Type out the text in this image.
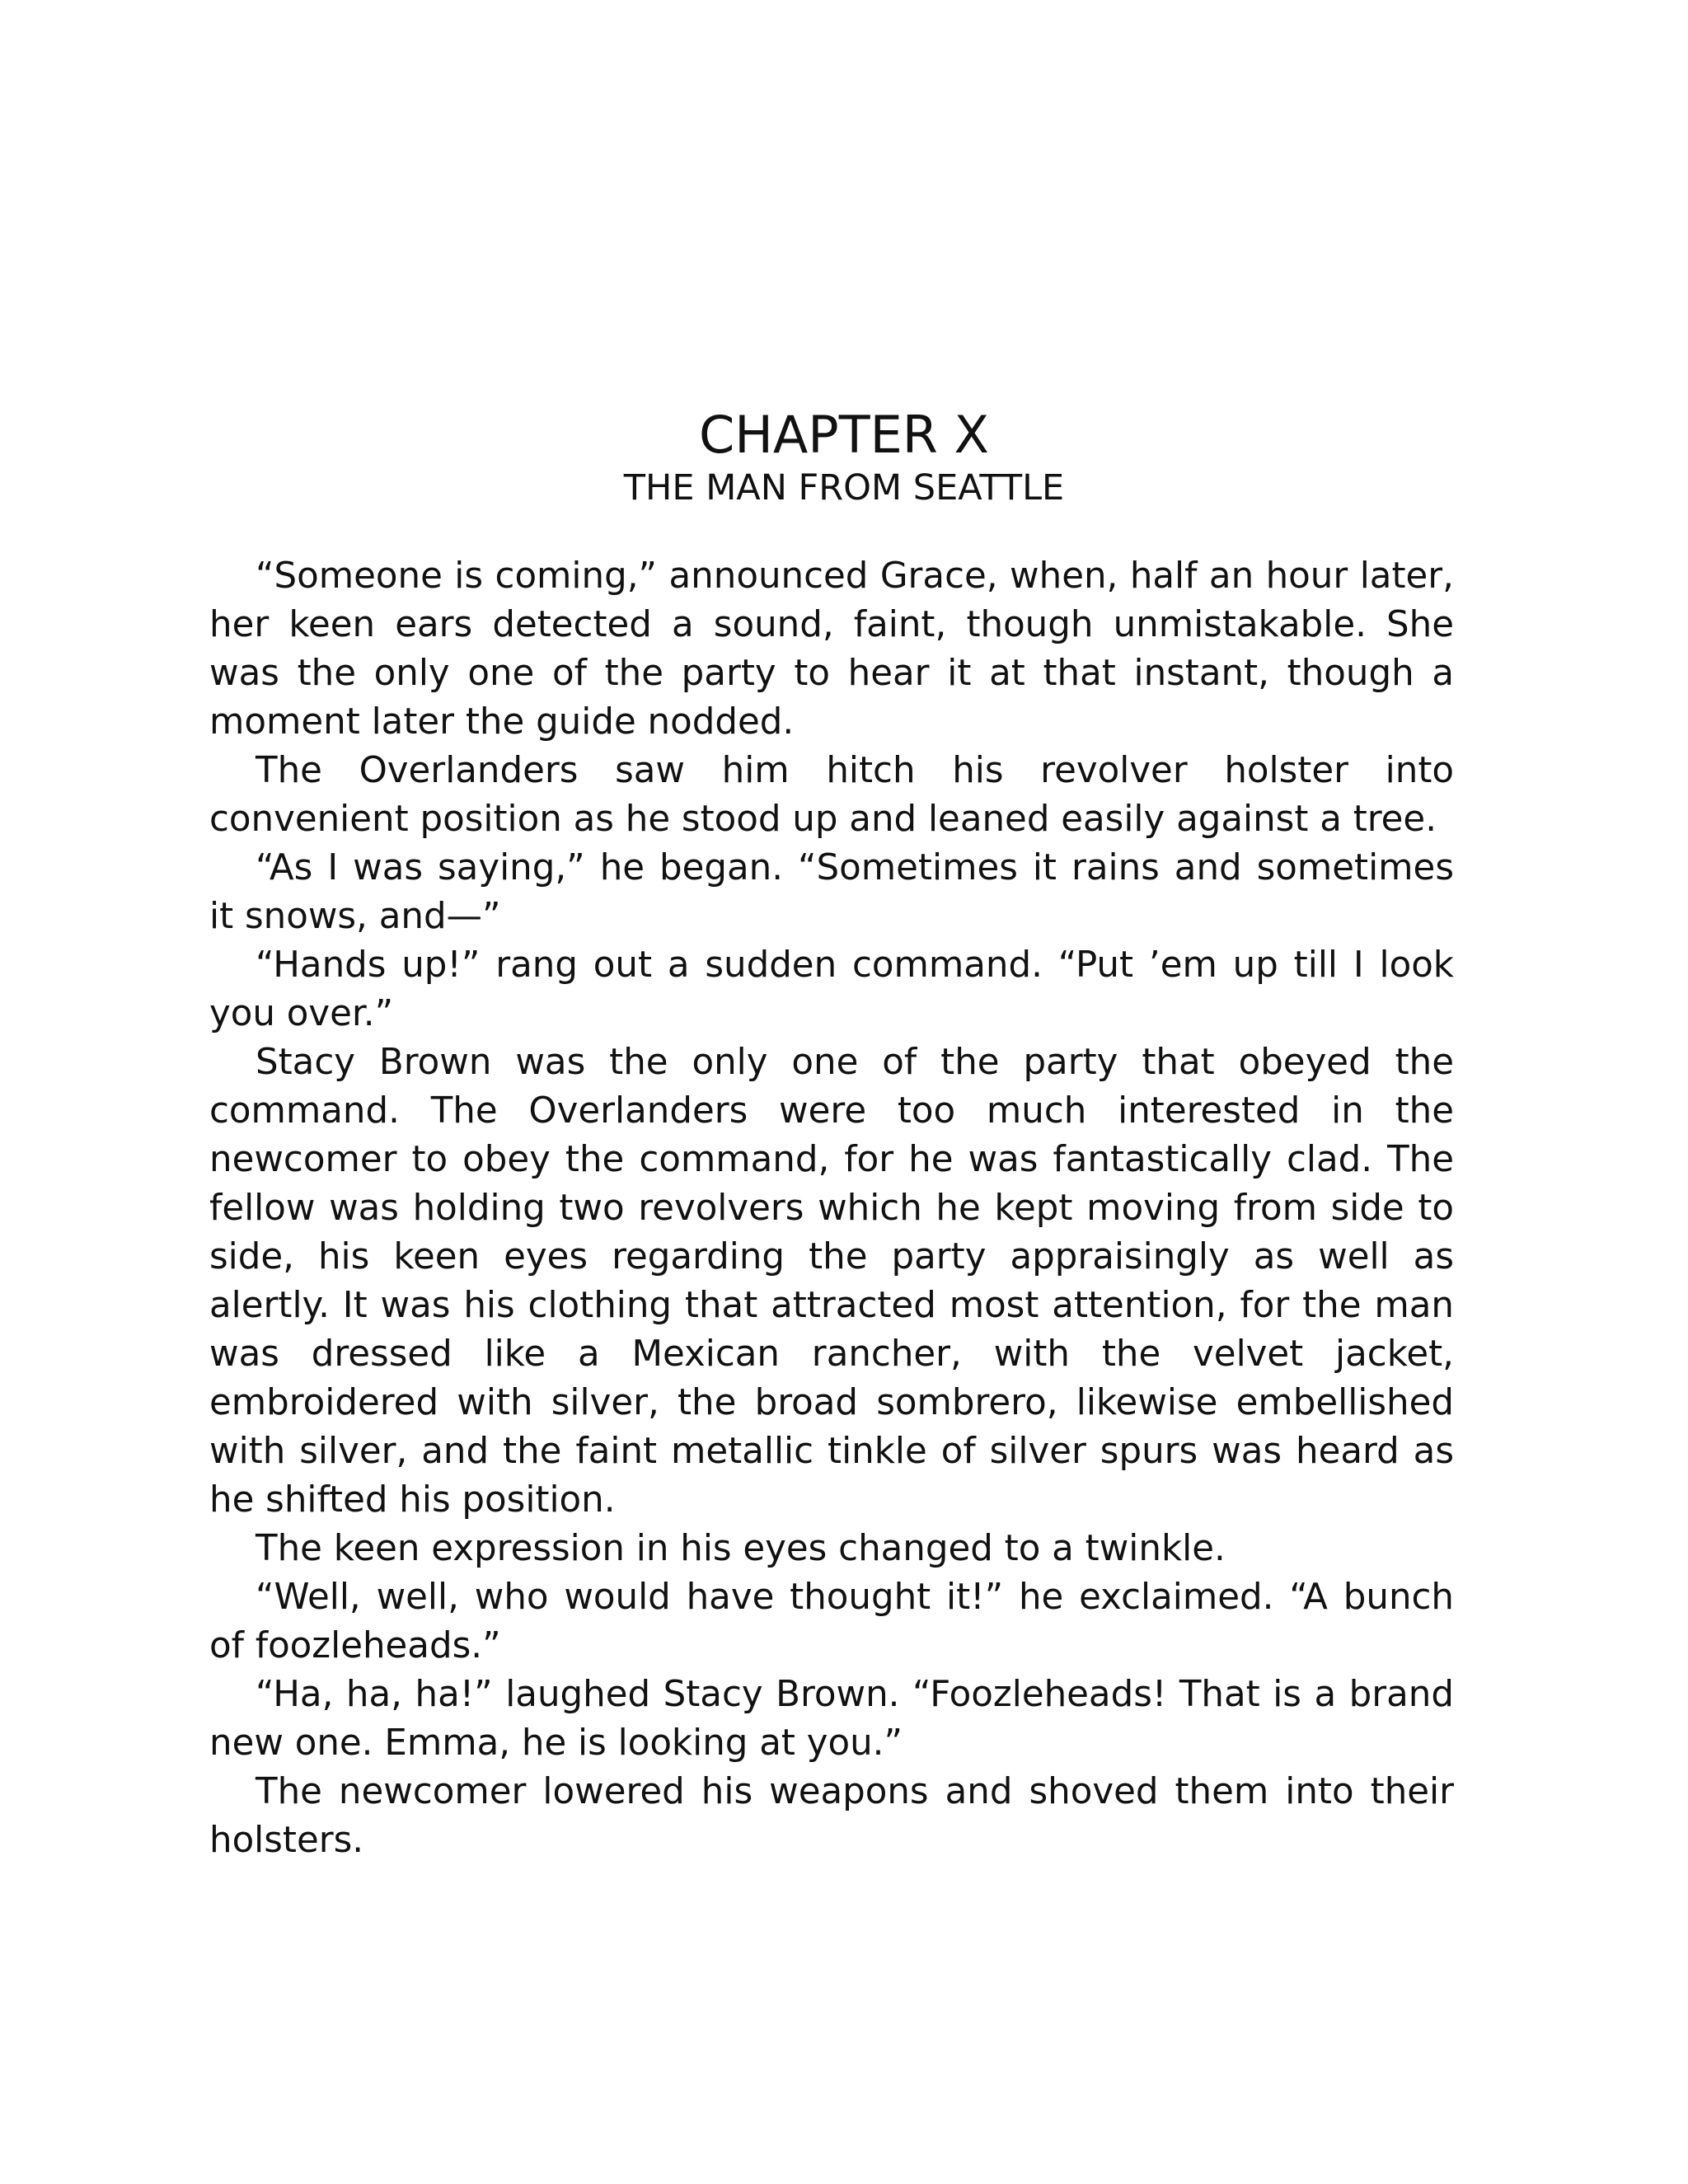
CHAPTER X
THE MAN FROM SEATTLE

“Someone is coming,” announced Grace, when, half an hour later, her keen ears detected a sound, faint, though unmistakable. She was the only one of the party to hear it at that instant, though a moment later the guide nodded.

The Overlanders saw him hitch his revolver holster into convenient position as he stood up and leaned easily against a tree.

“As I was saying,” he began. “Sometimes it rains and sometimes it snows, and—”

“Hands up!” rang out a sudden command. “Put ’em up till I look you over.”

Stacy Brown was the only one of the party that obeyed the command. The Overlanders were too much interested in the newcomer to obey the command, for he was fantastically clad. The fellow was holding two revolvers which he kept moving from side to side, his keen eyes regarding the party appraisingly as well as alertly. It was his clothing that attracted most attention, for the man was dressed like a Mexican rancher, with the velvet jacket, embroidered with silver, the broad sombrero, likewise embellished with silver, and the faint metallic tinkle of silver spurs was heard as he shifted his position.

The keen expression in his eyes changed to a twinkle.

“Well, well, who would have thought it!” he exclaimed. “A bunch of foozleheads.”

“Ha, ha, ha!” laughed Stacy Brown. “Foozleheads! That is a brand new one. Emma, he is looking at you.”

The newcomer lowered his weapons and shoved them into their holsters.
